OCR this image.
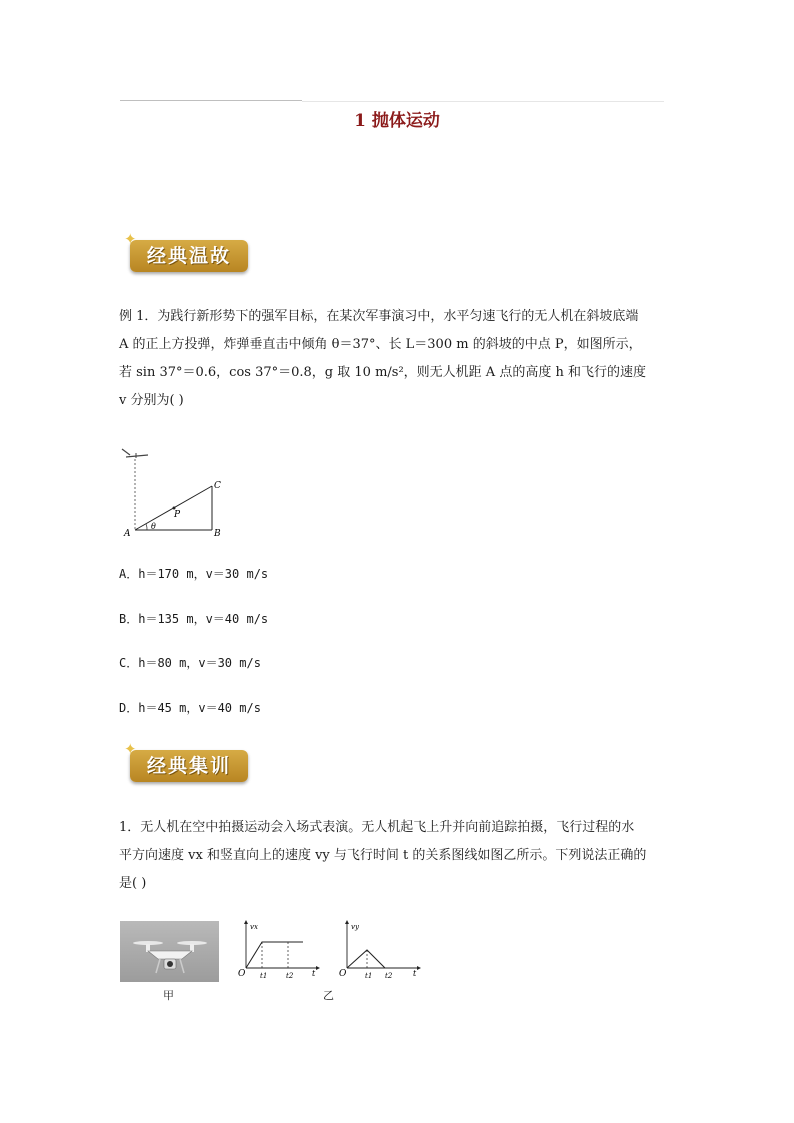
1 抛体运动
✦
经典温故

例 1．为践行新形势下的强军目标，在某次军事演习中，水平匀速飞行的无人机在斜坡底端

A 的正上方投弹，炸弹垂直击中倾角 θ＝37°、长 L＝300 m 的斜坡的中点 P，如图所示，

若 sin 37°＝0.6，cos 37°＝0.8，g 取 10 m/s²，则无人机距 A 点的高度 h 和飞行的速度

v 分别为( )

A	B
C
P
θ
A．h＝170 m，v＝30 m/s
B．h＝135 m，v＝40 m/s
C．h＝80 m，v＝30 m/s
D．h＝45 m，v＝40 m/s
✦
经典集训

1．无人机在空中拍摄运动会入场式表演。无人机起飞上升并向前追踪拍摄，飞行过程的水

平方向速度 vx 和竖直向上的速度 vy 与飞行时间 t 的关系图线如图乙所示。下列说法正确的

是( )

甲
vx
O t1	t2 t
vy
O	t1 t2	t
乙
